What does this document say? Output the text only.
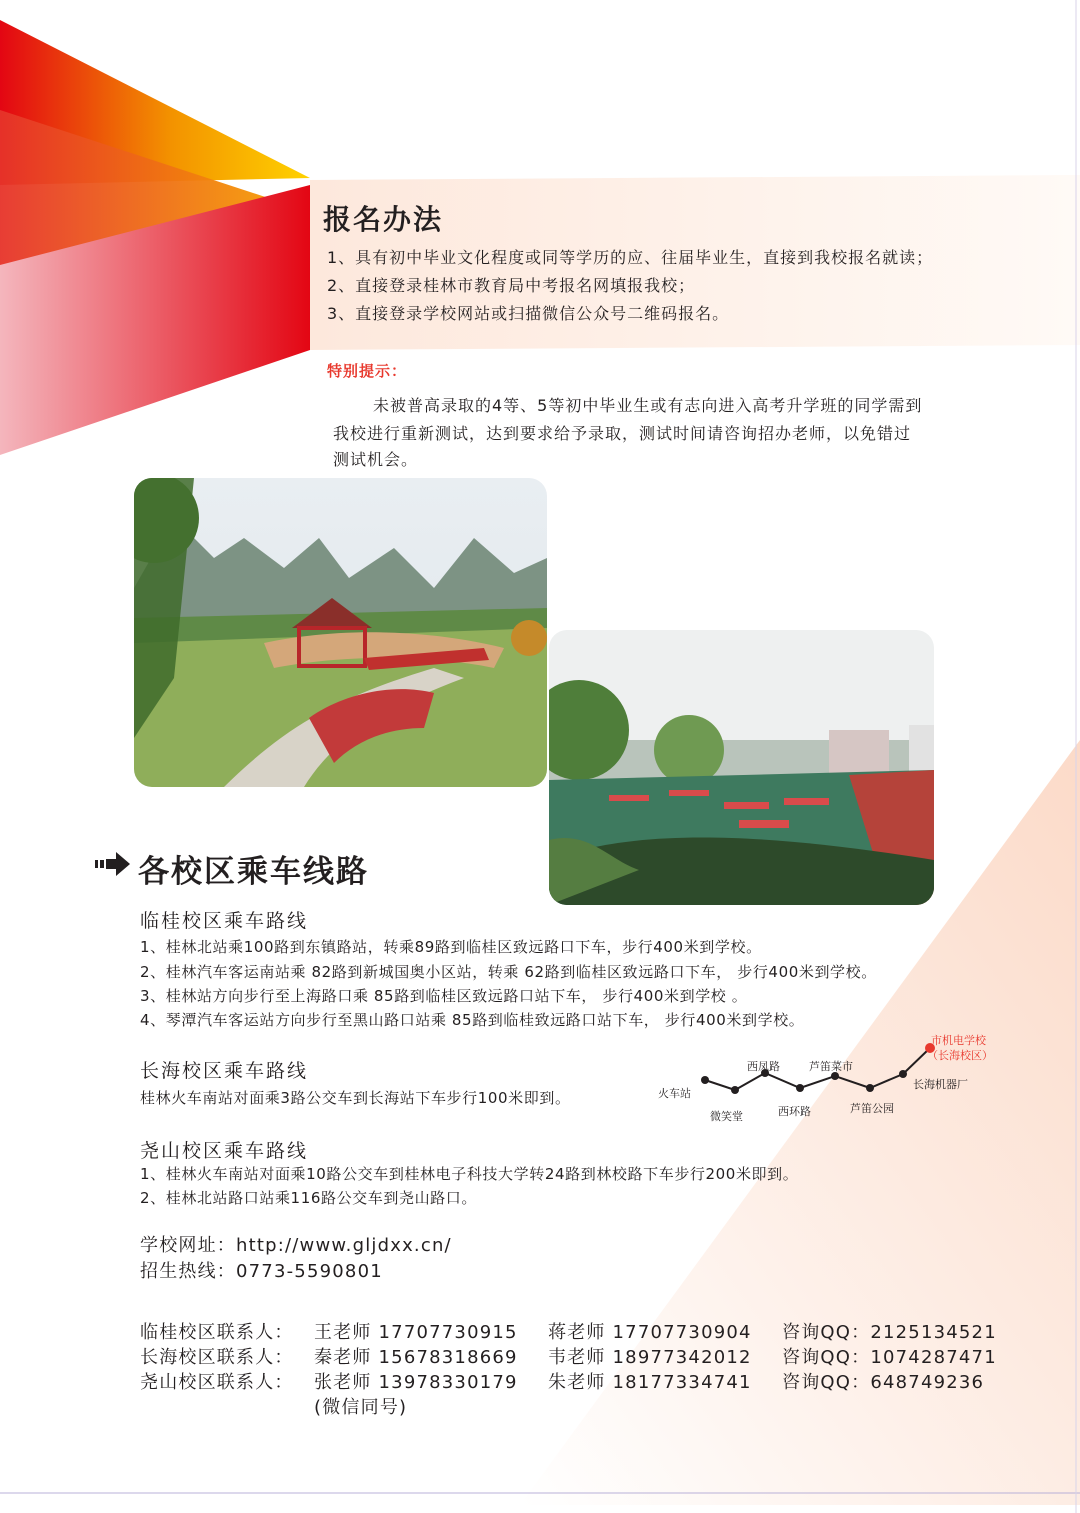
报名办法

1、具有初中毕业文化程度或同等学历的应、往届毕业生，直接到我校报名就读；

2、直接登录桂林市教育局中考报名网填报我校；

3、直接登录学校网站或扫描微信公众号二维码报名。

特别提示：

未被普高录取的4等、5等初中毕业生或有志向进入高考升学班的同学需到

我校进行重新测试，达到要求给予录取，测试时间请咨询招办老师，以免错过

测试机会。

各校区乘车线路
临桂校区乘车路线

1、桂林北站乘100路到东镇路站，转乘89路到临桂区致远路口下车，步行400米到学校。

2、桂林汽车客运南站乘 82路到新城国奥小区站，转乘 62路到临桂区致远路口下车， 步行400米到学校。

3、桂林站方向步行至上海路口乘 85路到临桂区致远路口站下车， 步行400米到学校 。

4、琴潭汽车客运站方向步行至黑山路口站乘 85路到临桂致远路口站下车， 步行400米到学校。

长海校区乘车路线

桂林火车南站对面乘3路公交车到长海站下车步行100米即到。	火车站
微笑堂
西凤路
西环路
芦笛菜市
芦笛公园
长海机器厂
市机电学校
（长海校区）
尧山校区乘车路线

1、桂林火车南站对面乘10路公交车到桂林电子科技大学转24路到林校路下车步行200米即到。

2、桂林北站路口站乘116路公交车到尧山路口。

学校网址：http://www.gljdxx.cn/

招生热线：0773-5590801

临桂校区联系人： 王老师 17707730915 蒋老师 17707730904 咨询QQ：2125134521
长海校区联系人： 秦老师 15678318669 韦老师 18977342012 咨询QQ：1074287471
尧山校区联系人： 张老师 13978330179 朱老师 18177334741 咨询QQ：648749236

(微信同号)
